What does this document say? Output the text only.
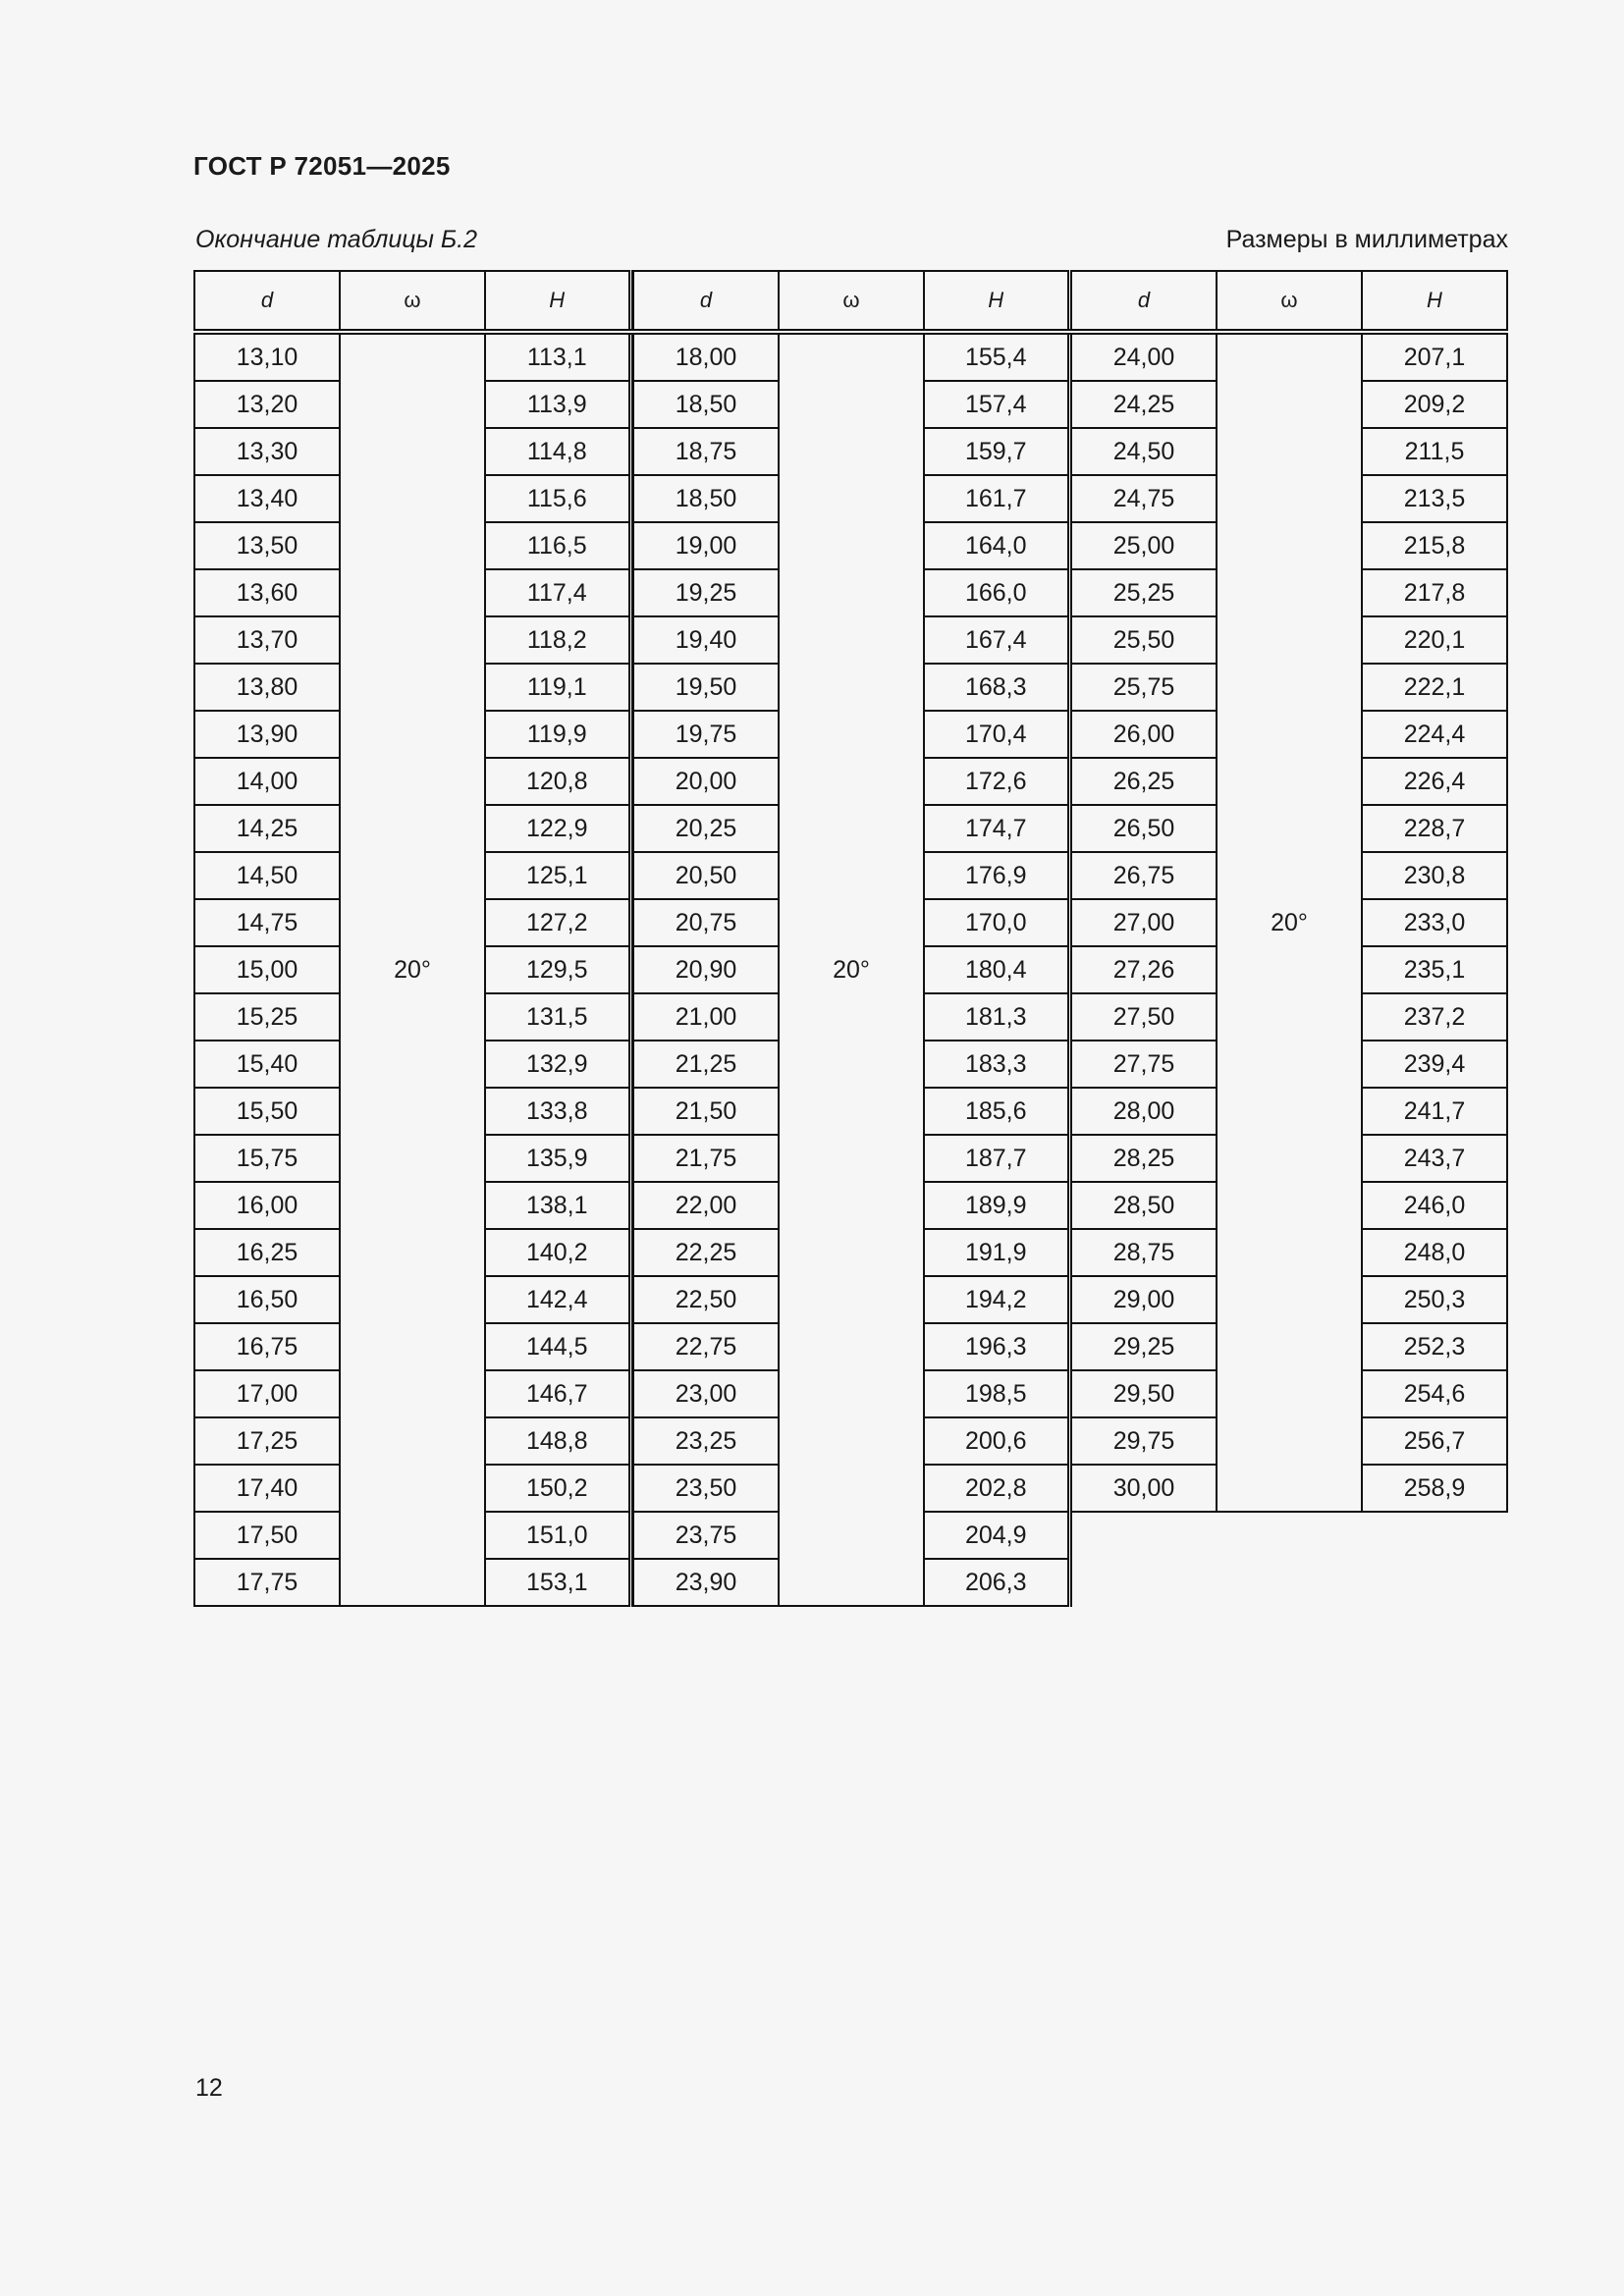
ГОСТ Р 72051—2025
Окончание таблицы Б.2	Размеры в миллиметрах
d	ω	H
13,10	20°	113,1
13,20		113,9
13,30		114,8
13,40		115,6
13,50		116,5
13,60		117,4
13,70		118,2
13,80		119,1
13,90		119,9
14,00		120,8
14,25		122,9
14,50		125,1
14,75		127,2
15,00		129,5
15,25		131,5
15,40		132,9
15,50		133,8
15,75		135,9
16,00		138,1
16,25		140,2
16,50		142,4
16,75		144,5
17,00		146,7
17,25		148,8
17,40		150,2
17,50		151,0
17,75		153,1
d	ω	H
18,00	20°	155,4
18,50		157,4
18,75		159,7
18,50		161,7
19,00		164,0
19,25		166,0
19,40		167,4
19,50		168,3
19,75		170,4
20,00		172,6
20,25		174,7
20,50		176,9
20,75		170,0
20,90		180,4
21,00		181,3
21,25		183,3
21,50		185,6
21,75		187,7
22,00		189,9
22,25		191,9
22,50		194,2
22,75		196,3
23,00		198,5
23,25		200,6
23,50		202,8
23,75		204,9
23,90		206,3
d	ω	H
24,00	20°	207,1
24,25		209,2
24,50		211,5
24,75		213,5
25,00		215,8
25,25		217,8
25,50		220,1
25,75		222,1
26,00		224,4
26,25		226,4
26,50		228,7
26,75		230,8
27,00		233,0
27,26		235,1
27,50		237,2
27,75		239,4
28,00		241,7
28,25		243,7
28,50		246,0
28,75		248,0
29,00		250,3
29,25		252,3
29,50		254,6
29,75		256,7
30,00		258,9
12
